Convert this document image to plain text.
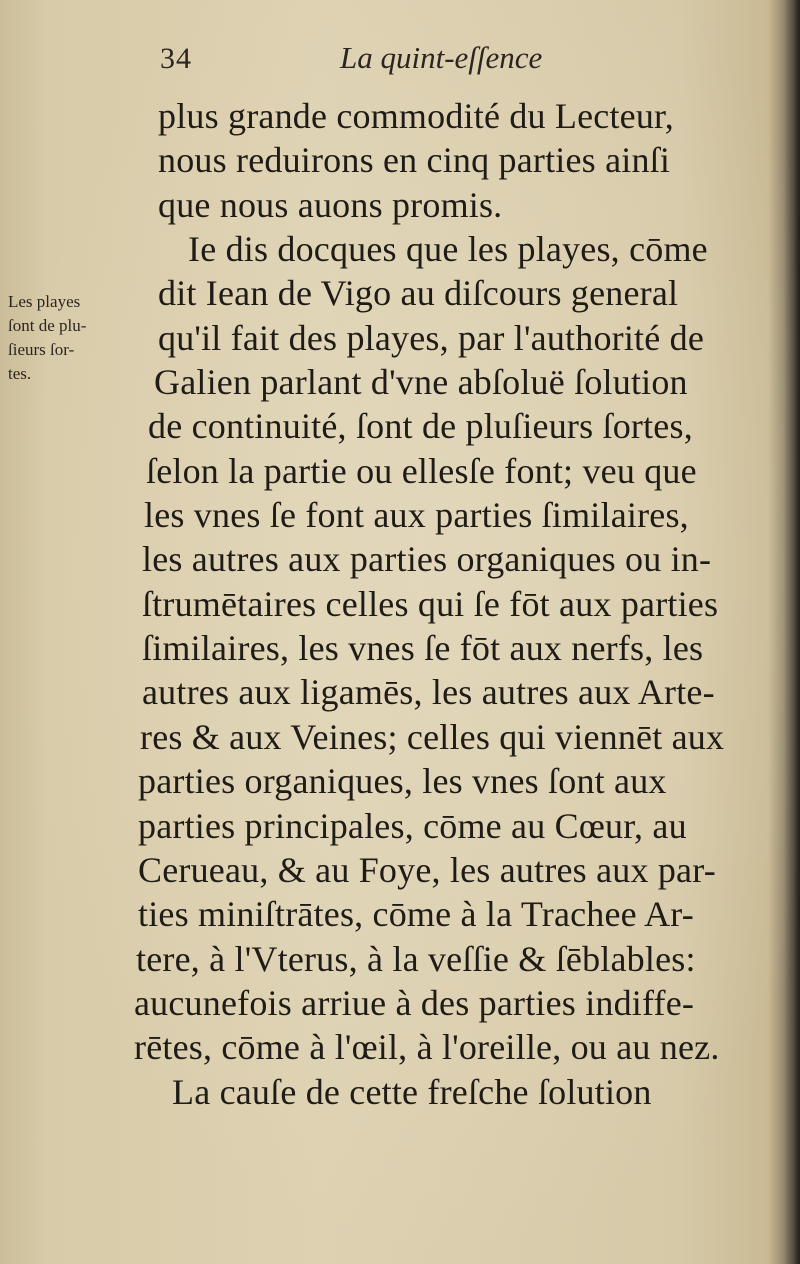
34	La quint-eſſence
Les playes
ſont de plu-
ſieurs ſor-
tes.
plus grande commodité du Lecteur,
nous reduirons en cinq parties ainſi
que nous auons promis.
Ie dis docques que les playes, cōme
dit Iean de Vigo au diſcours general
qu'il fait des playes, par l'authorité de
Galien parlant d'vne abſoluë ſolution
de continuité, ſont de pluſieurs ſortes,
ſelon la partie ou ellesſe font; veu que
les vnes ſe font aux parties ſimilaires,
les autres aux parties organiques ou in-
ſtrumētaires celles qui ſe fōt aux parties
ſimilaires, les vnes ſe fōt aux nerfs, les
autres aux ligamēs, les autres aux Arte-
res & aux Veines; celles qui viennēt aux
parties organiques, les vnes ſont aux
parties principales, cōme au Cœur, au
Cerueau, & au Foye, les autres aux par-
ties miniſtrātes, cōme à la Trachee Ar-
tere, à l'Vterus, à la veſſie & ſēblables:
aucunefois arriue à des parties indiffe-
rētes, cōme à l'œil, à l'oreille, ou au nez.
La cauſe de cette freſche ſolution
